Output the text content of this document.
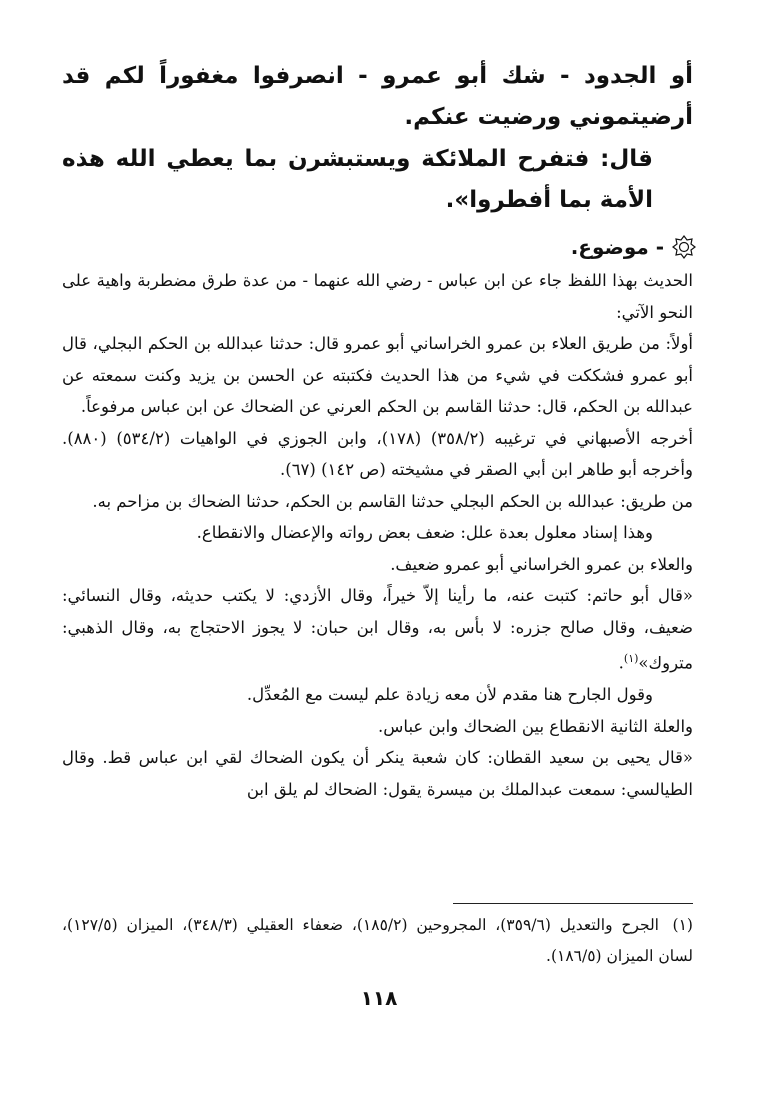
أو الجدود - شك أبو عمرو - انصرفوا مغفوراً لكم قد أرضيتموني ورضيت عنكم.
قال: فتفرح الملائكة ويستبشرن بما يعطي الله هذه الأمة بما أفطروا».
- موضوع.
الحديث بهذا اللفظ جاء عن ابن عباس - رضي الله عنهما - من عدة طرق مضطربة واهية على النحو الآتي:
أولاً: من طريق العلاء بن عمرو الخراساني أبو عمرو قال: حدثنا عبدالله بن الحكم البجلي، قال أبو عمرو فشككت في شيء من هذا الحديث فكتبته عن الحسن بن يزيد وكنت سمعته عن عبدالله بن الحكم، قال: حدثنا القاسم بن الحكم العرني عن الضحاك عن ابن عباس مرفوعاً.
أخرجه الأصبهاني في ترغيبه (٣٥٨/٢) (١٧٨)، وابن الجوزي في الواهيات (٥٣٤/٢) (٨٨٠). وأخرجه أبو طاهر ابن أبي الصقر في مشيخته (ص ١٤٢) (٦٧).
من طريق: عبدالله بن الحكم البجلي حدثنا القاسم بن الحكم، حدثنا الضحاك بن مزاحم به.
وهذا إسناد معلول بعدة علل: ضعف بعض رواته والإعضال والانقطاع.
والعلاء بن عمرو الخراساني أبو عمرو ضعيف.
«قال أبو حاتم: كتبت عنه، ما رأينا إلاّ خيراً، وقال الأزدي: لا يكتب حديثه، وقال النسائي: ضعيف، وقال صالح جزره: لا بأس به، وقال ابن حبان: لا يجوز الاحتجاج به، وقال الذهبي: متروك»$^{(١)}$.
وقول الجارح هنا مقدم لأن معه زيادة علم ليست مع المُعدِّل.
والعلة الثانية الانقطاع بين الضحاك وابن عباس.
«قال يحيى بن سعيد القطان: كان شعبة ينكر أن يكون الضحاك لقي ابن عباس قط. وقال الطيالسي: سمعت عبدالملك بن ميسرة يقول: الضحاك لم يلق ابن
(١)الجرح والتعديل (٣٥٩/٦)، المجروحين (١٨٥/٢)، ضعفاء العقيلي (٣٤٨/٣)، الميزان (١٢٧/٥)، لسان الميزان (١٨٦/٥).
١١٨
